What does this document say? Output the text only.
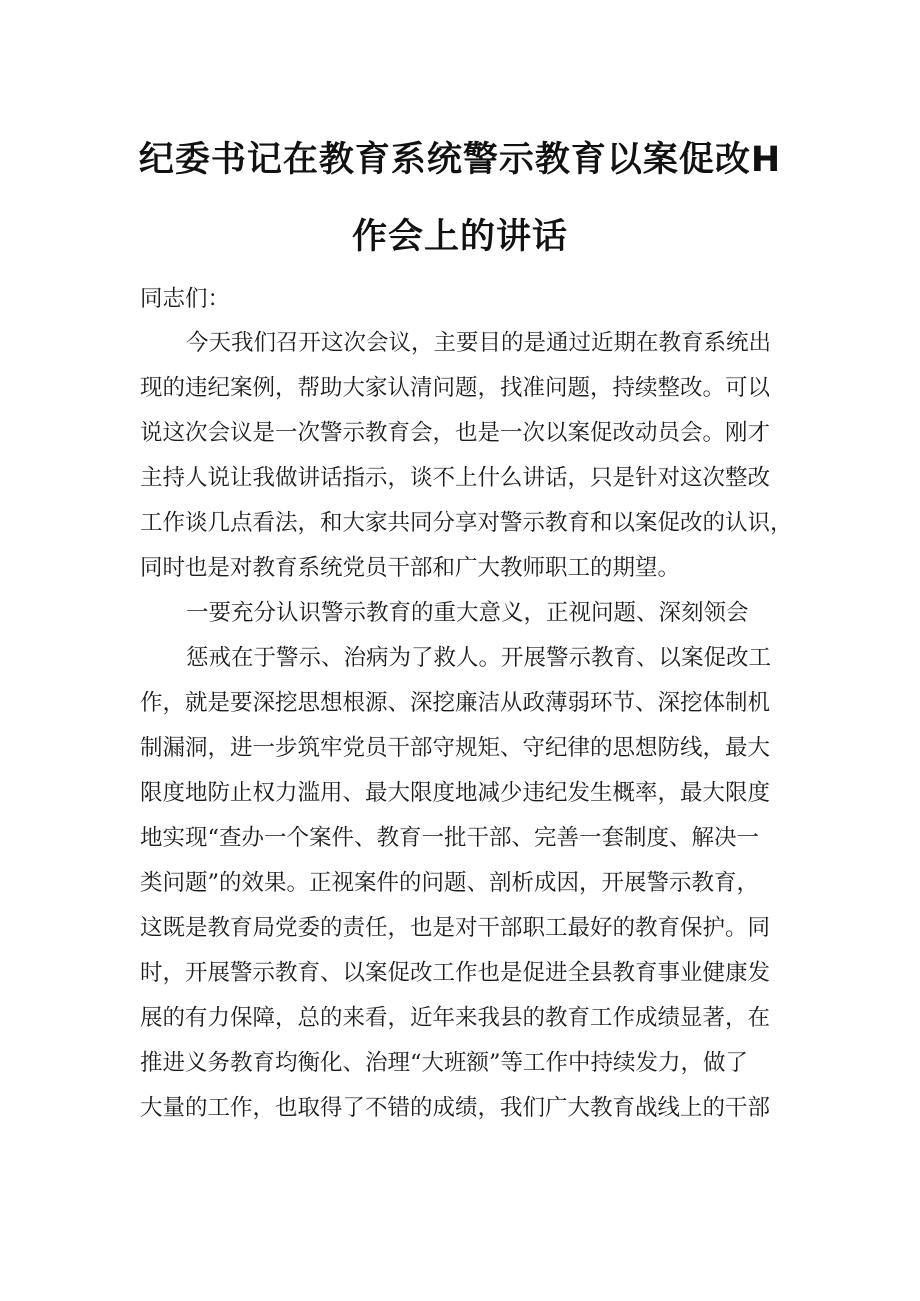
纪委书记在教育系统警示教育以案促改H
作会上的讲话
同志们：
今天我们召开这次会议，主要目的是通过近期在教育系统出
现的违纪案例，帮助大家认清问题，找准问题，持续整改。可以
说这次会议是一次警示教育会，也是一次以案促改动员会。刚才
主持人说让我做讲话指示，谈不上什么讲话，只是针对这次整改
工作谈几点看法，和大家共同分享对警示教育和以案促改的认识，
同时也是对教育系统党员干部和广大教师职工的期望。
一要充分认识警示教育的重大意义，正视问题、深刻领会
惩戒在于警示、治病为了救人。开展警示教育、以案促改工
作，就是要深挖思想根源、深挖廉洁从政薄弱环节、深挖体制机
制漏洞，进一步筑牢党员干部守规矩、守纪律的思想防线，最大
限度地防止权力滥用、最大限度地减少违纪发生概率，最大限度
地实现“查办一个案件、教育一批干部、完善一套制度、解决一
类问题”的效果。正视案件的问题、剖析成因，开展警示教育，
这既是教育局党委的责任，也是对干部职工最好的教育保护。同
时，开展警示教育、以案促改工作也是促进全县教育事业健康发
展的有力保障，总的来看，近年来我县的教育工作成绩显著，在
推进义务教育均衡化、治理“大班额”等工作中持续发力，做了
大量的工作，也取得了不错的成绩，我们广大教育战线上的干部
